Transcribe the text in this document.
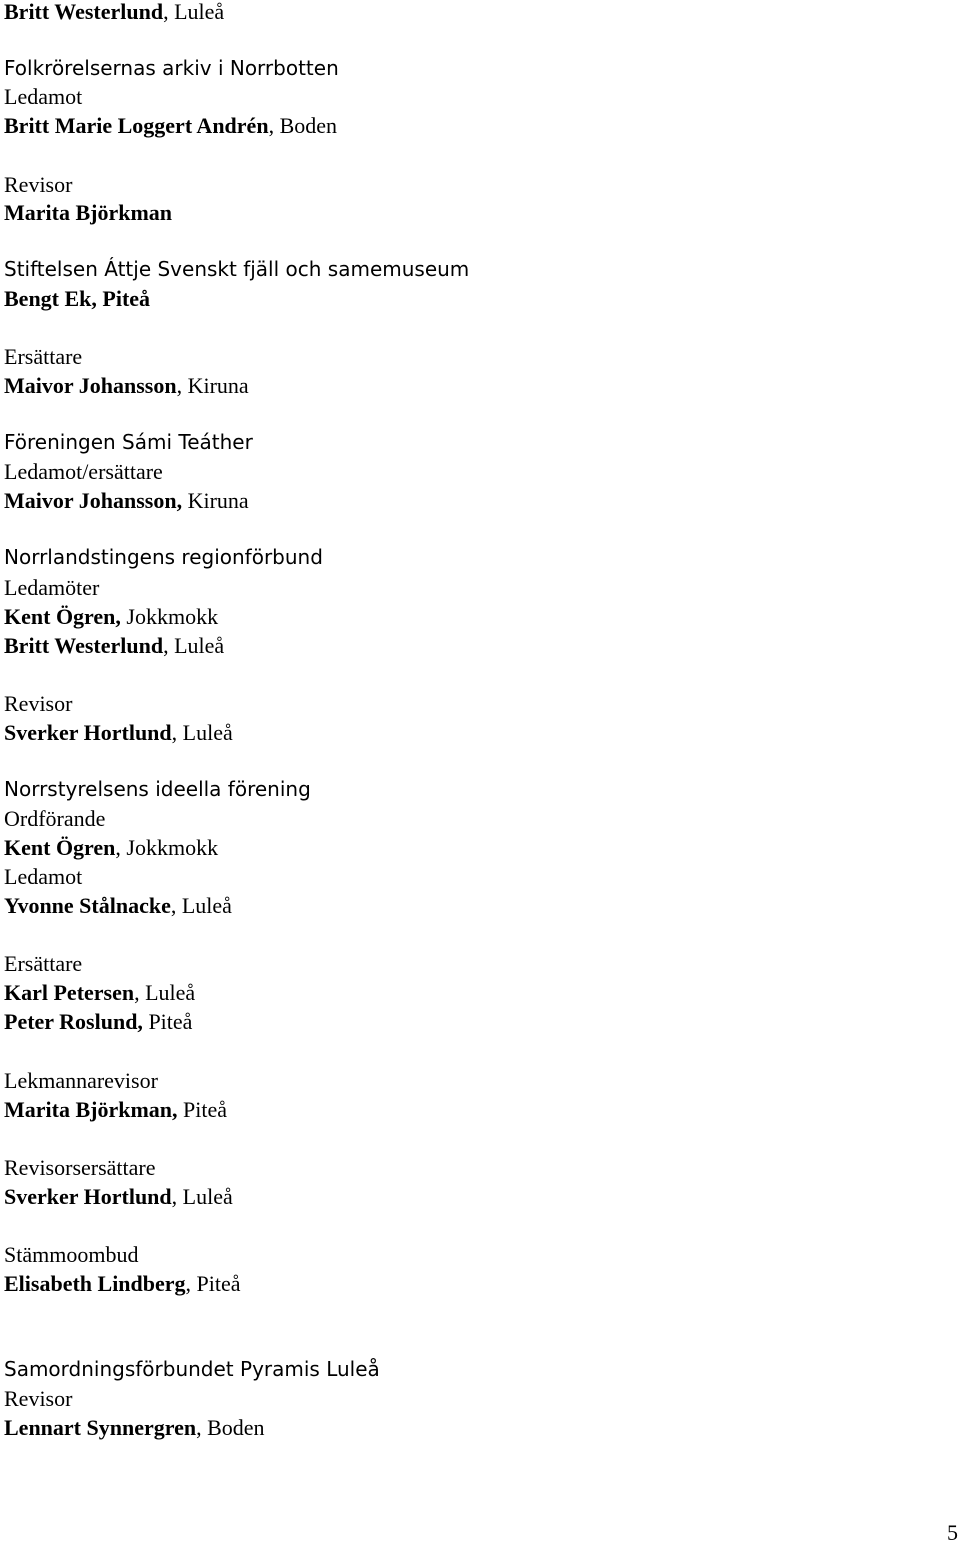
Britt Westerlund, Luleå
Folkrörelsernas arkiv i Norrbotten
Ledamot
Britt Marie Loggert Andrén, Boden
Revisor
Marita Björkman
Stiftelsen Áttje Svenskt fjäll och samemuseum
Bengt Ek, Piteå
Ersättare
Maivor Johansson, Kiruna
Föreningen Sámi Teáther
Ledamot/ersättare
Maivor Johansson, Kiruna
Norrlandstingens regionförbund
Ledamöter
Kent Ögren, Jokkmokk
Britt Westerlund, Luleå
Revisor
Sverker Hortlund, Luleå
Norrstyrelsens ideella förening
Ordförande
Kent Ögren, Jokkmokk
Ledamot
Yvonne Stålnacke, Luleå
Ersättare
Karl Petersen, Luleå
Peter Roslund, Piteå
Lekmannarevisor
Marita Björkman, Piteå
Revisorsersättare
Sverker Hortlund, Luleå
Stämmoombud
Elisabeth Lindberg, Piteå
Samordningsförbundet Pyramis Luleå
Revisor
Lennart Synnergren, Boden
5
